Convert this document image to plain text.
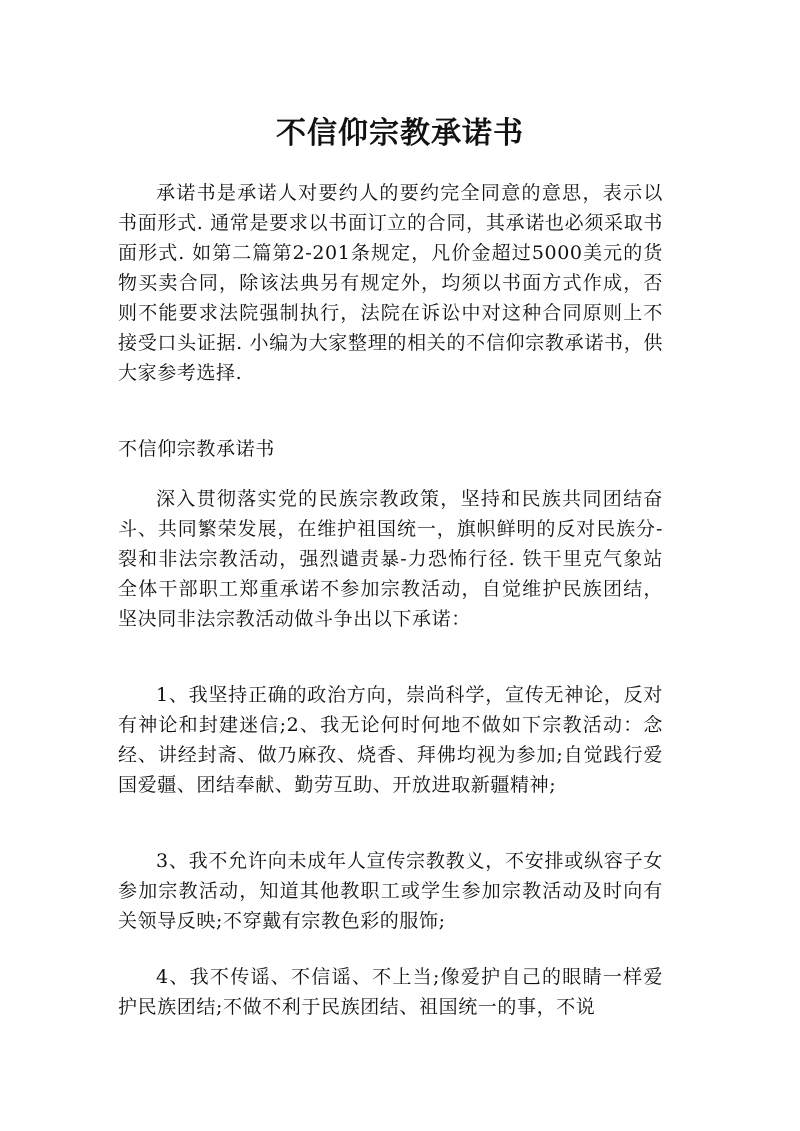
不信仰宗教承诺书
承诺书是承诺人对要约人的要约完全同意的意思，表示以书面形式. 通常是要求以书面订立的合同，其承诺也必须采取书面形式. 如第二篇第2-201条规定，凡价金超过5000美元的货物买卖合同，除该法典另有规定外，均须以书面方式作成，否则不能要求法院强制执行，法院在诉讼中对这种合同原则上不接受口头证据. 小编为大家整理的相关的不信仰宗教承诺书，供大家参考选择.
不信仰宗教承诺书
深入贯彻落实党的民族宗教政策，坚持和民族共同团结奋斗、共同繁荣发展，在维护祖国统一，旗帜鲜明的反对民族分-裂和非法宗教活动，强烈谴责暴-力恐怖行径. 铁干里克气象站全体干部职工郑重承诺不参加宗教活动，自觉维护民族团结，坚决同非法宗教活动做斗争出以下承诺：
1、我坚持正确的政治方向，崇尚科学，宣传无神论，反对有神论和封建迷信;2、我无论何时何地不做如下宗教活动：念经、讲经封斋、做乃麻孜、烧香、拜佛均视为参加;自觉践行爱国爱疆、团结奉献、勤劳互助、开放进取新疆精神;
3、我不允许向未成年人宣传宗教教义，不安排或纵容子女参加宗教活动，知道其他教职工或学生参加宗教活动及时向有关领导反映;不穿戴有宗教色彩的服饰;
4、我不传谣、不信谣、不上当;像爱护自己的眼睛一样爱护民族团结;不做不利于民族团结、祖国统一的事，不说
